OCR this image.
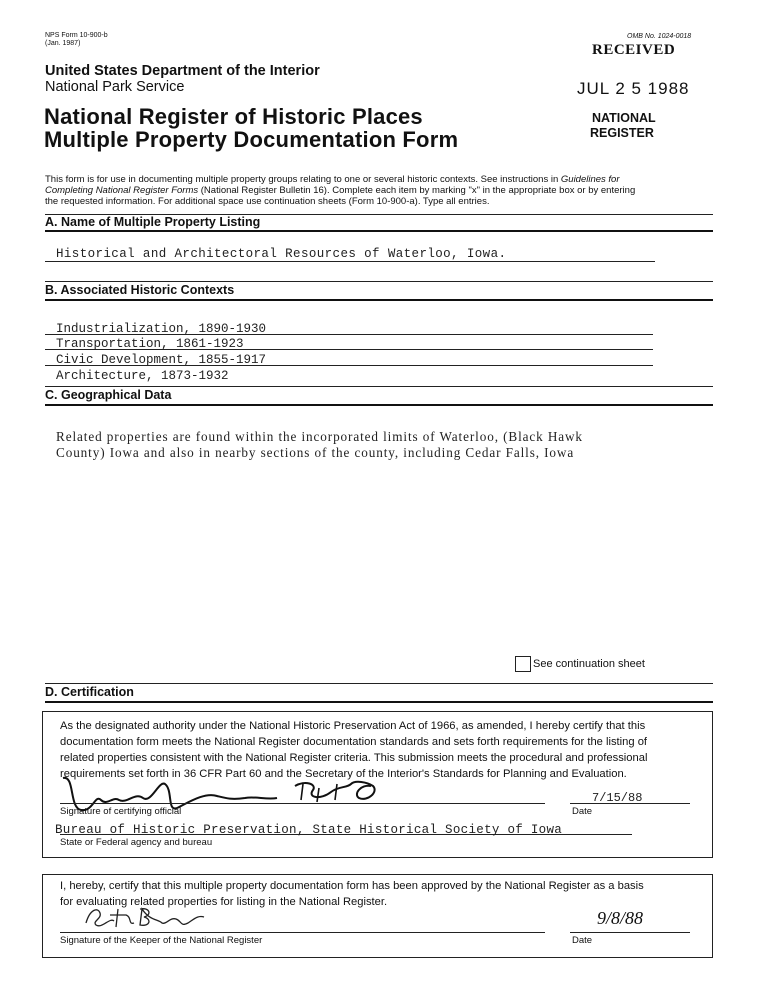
NPS Form 10-900-b
(Jan. 1987)
OMB No. 1024-0018
United States Department of the Interior
National Park Service
National Register of Historic Places
Multiple Property Documentation Form
RECEIVED
JUL 2 5 1988
NATIONAL
REGISTER
This form is for use in documenting multiple property groups relating to one or several historic contexts. See instructions in Guidelines for
Completing National Register Forms (National Register Bulletin 16). Complete each item by marking "x" in the appropriate box or by entering
the requested information. For additional space use continuation sheets (Form 10-900-a). Type all entries.
A. Name of Multiple Property Listing
Historical and Architectoral Resources of Waterloo, Iowa.
B. Associated Historic Contexts
Industrialization, 1890-1930
Transportation, 1861-1923
Civic Development, 1855-1917
Architecture, 1873-1932
C. Geographical Data
Related properties are found within the incorporated limits of Waterloo, (Black Hawk
County) Iowa and also in nearby sections of the county, including Cedar Falls, Iowa
See continuation sheet
D. Certification
As the designated authority under the National Historic Preservation Act of 1966, as amended, I hereby certify that this
documentation form meets the National Register documentation standards and sets forth requirements for the listing of
related properties consistent with the National Register criteria. This submission meets the procedural and professional
requirements set forth in 36 CFR Part 60 and the Secretary of the Interior's Standards for Planning and Evaluation.
Signature of certifying official
7/15/88
Date
Bureau of Historic Preservation, State Historical Society of Iowa
State or Federal agency and bureau
I, hereby, certify that this multiple property documentation form has been approved by the National Register as a basis
for evaluating related properties for listing in the National Register.
Signature of the Keeper of the National Register
9/8/88
Date
